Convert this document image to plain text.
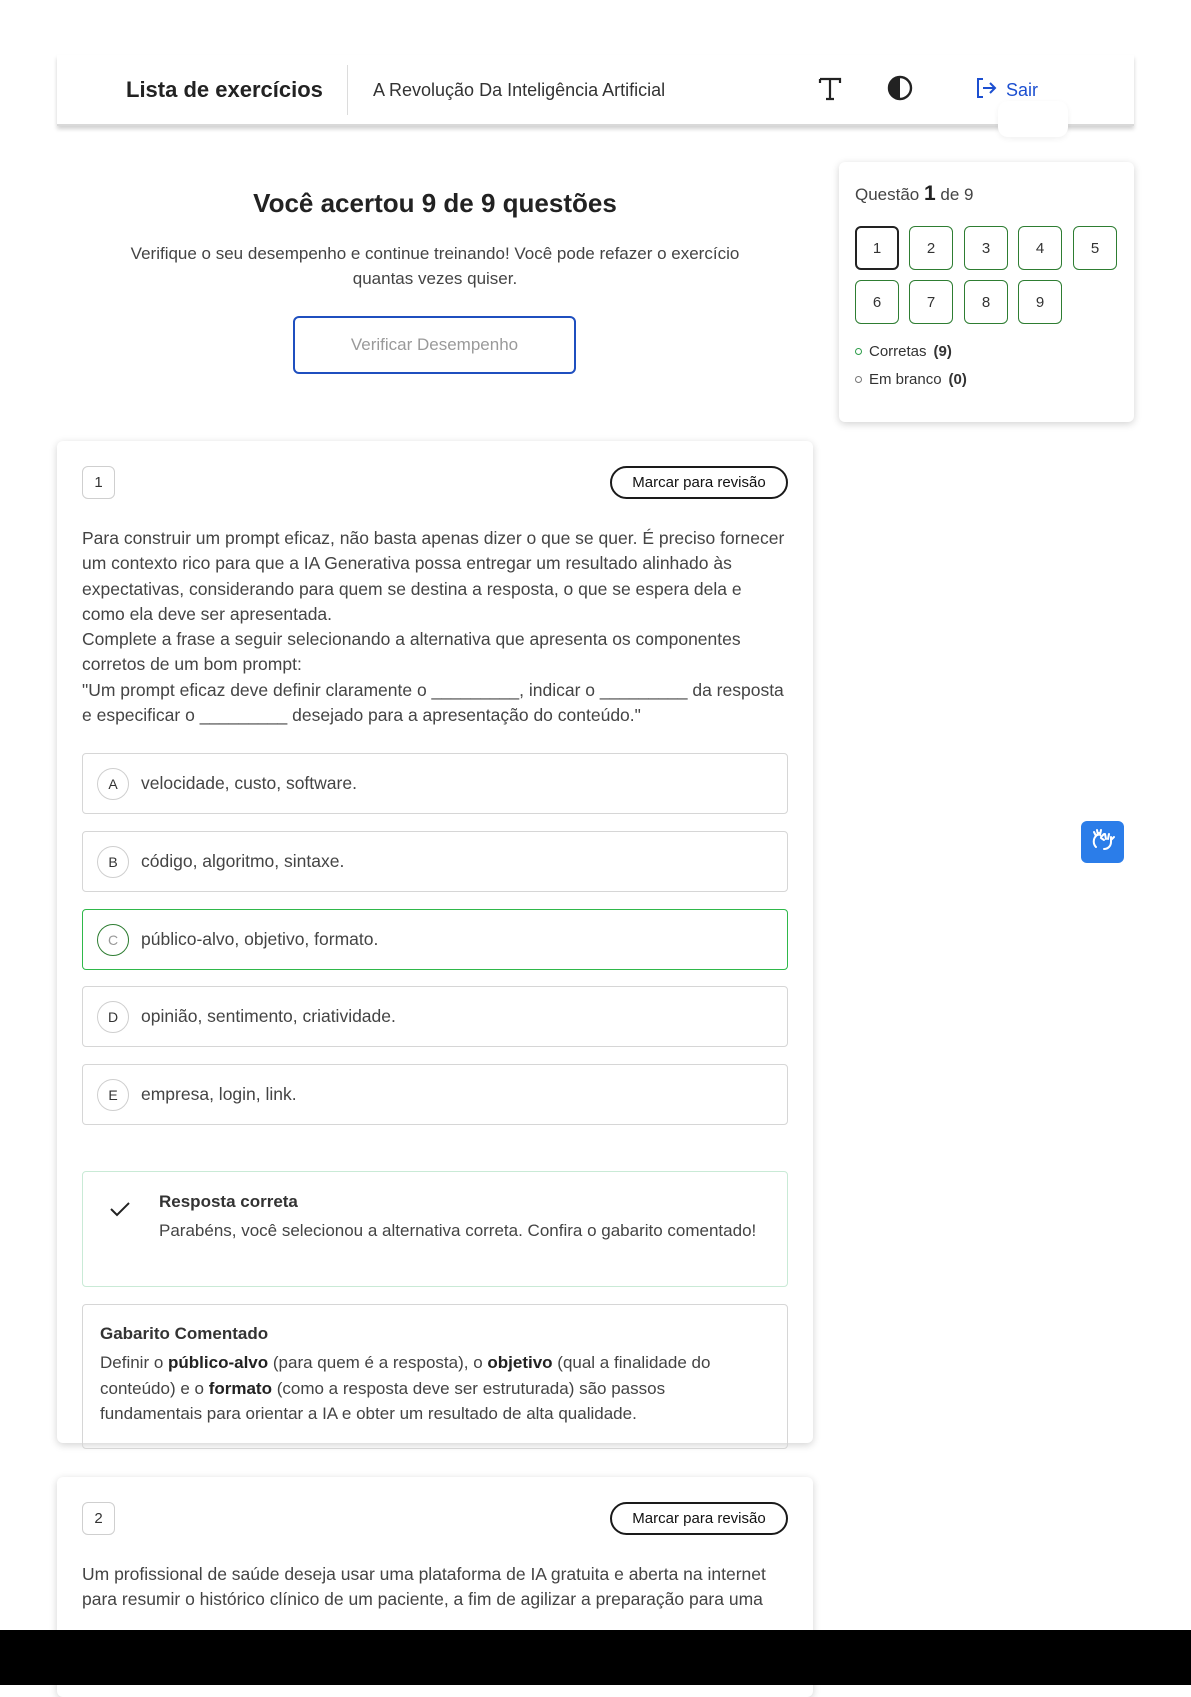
Lista de exercícios	A Revolução Da Inteligência Artificial	Sair
Você acertou 9 de 9 questões
Verifique o seu desempenho e continue treinando! Você pode refazer o exercício quantas vezes quiser.
Verificar Desempenho
Questão 1 de 9
1	2	3	4	5
6	7	8	9
Corretas (9)
Em branco (0)
1	Marcar para revisão

Para construir um prompt eficaz, não basta apenas dizer o que se quer. É preciso fornecer um contexto rico para que a IA Generativa possa entregar um resultado alinhado às expectativas, considerando para quem se destina a resposta, o que se espera dela e como ela deve ser apresentada.

Complete a frase a seguir selecionando a alternativa que apresenta os componentes corretos de um bom prompt:

"Um prompt eficaz deve definir claramente o _________, indicar o _________ da resposta e especificar o _________ desejado para a apresentação do conteúdo."

A	velocidade, custo, software.
B	código, algoritmo, sintaxe.
C	público-alvo, objetivo, formato.
D	opinião, sentimento, criatividade.
E	empresa, login, link.
Resposta correta
Parabéns, você selecionou a alternativa correta. Confira o gabarito comentado!
Gabarito Comentado
Definir o público-alvo (para quem é a resposta), o objetivo (qual a finalidade do conteúdo) e o formato (como a resposta deve ser estruturada) são passos fundamentais para orientar a IA e obter um resultado de alta qualidade.
2	Marcar para revisão

Um profissional de saúde deseja usar uma plataforma de IA gratuita e aberta na internet para resumir o histórico clínico de um paciente, a fim de agilizar a preparação para uma
